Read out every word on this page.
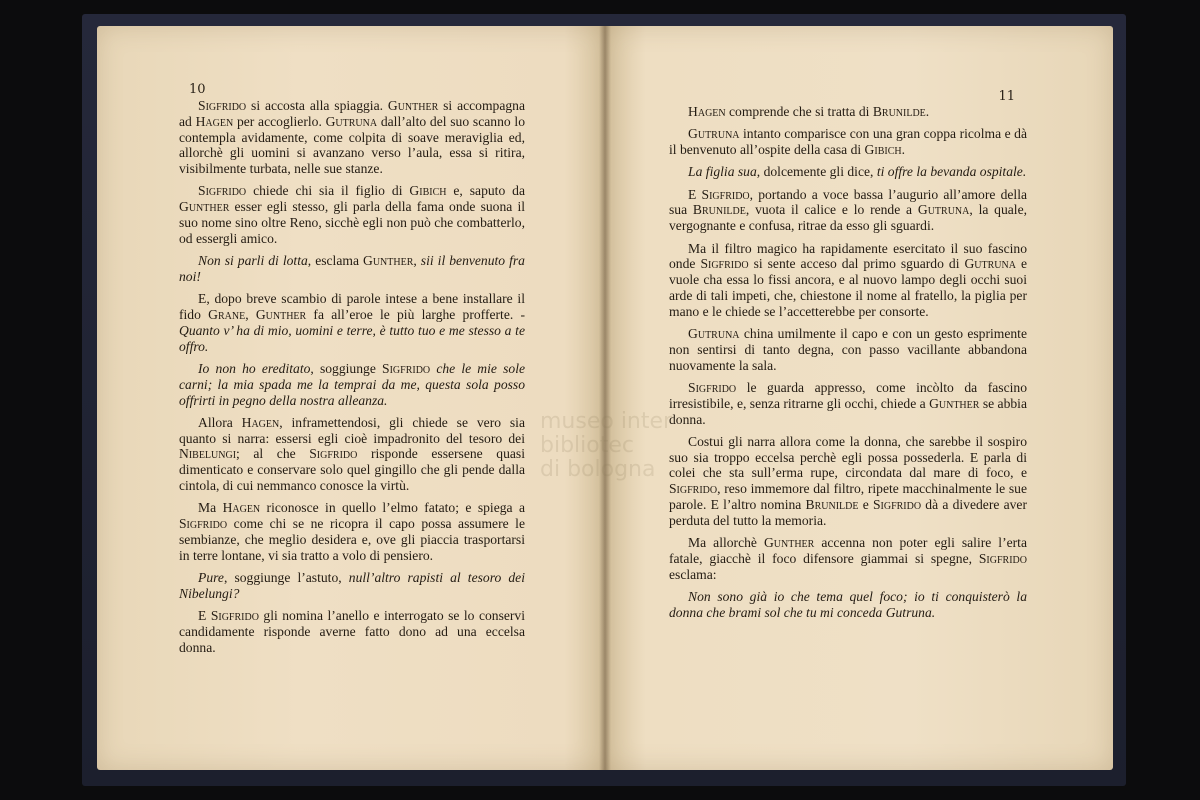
10

Sigfrido si accosta alla spiaggia. Gunther si accompagna ad Hagen per accoglierlo. Gutruna dall’alto del suo scanno lo contempla avidamente, come colpita di soave meraviglia ed, allorchè gli uomini si avanzano verso l’aula, essa si ritira, visibilmente turbata, nelle sue stanze.

Sigfrido chiede chi sia il figlio di Gibich e, saputo da Gunther esser egli stesso, gli parla della fama onde suona il suo nome sino oltre Reno, sicchè egli non può che combatterlo, od essergli amico.

Non si parli di lotta, esclama Gunther, sii il benvenuto fra noi!

E, dopo breve scambio di parole intese a bene installare il fido Grane, Gunther fa all’eroe le più larghe profferte. - Quanto v’ ha di mio, uomini e terre, è tutto tuo e me stesso a te offro.

Io non ho ereditato, soggiunge Sigfrido che le mie sole carni; la mia spada me la temprai da me, questa sola posso offrirti in pegno della nostra alleanza.

Allora Hagen, inframettendosi, gli chiede se vero sia quanto si narra: essersi egli cioè impadronito del tesoro dei Nibelungi; al che Sigfrido risponde essersene quasi dimenticato e conservare solo quel gingillo che gli pende dalla cintola, di cui nemmanco conosce la virtù.

Ma Hagen riconosce in quello l’elmo fatato; e spiega a Sigfrido come chi se ne ricopra il capo possa assumere le sembianze, che meglio desidera e, ove gli piaccia trasportarsi in terre lontane, vi sia tratto a volo di pensiero.

Pure, soggiunge l’astuto, null’altro rapisti al tesoro dei Nibelungi?

E Sigfrido gli nomina l’anello e interrogato se lo conservi candidamente risponde averne fatto dono ad una eccelsa donna.

11

Hagen comprende che si tratta di Brunilde.

Gutruna intanto comparisce con una gran coppa ricolma e dà il benvenuto all’ospite della casa di Gibich.

La figlia sua, dolcemente gli dice, ti offre la bevanda ospitale.

E Sigfrido, portando a voce bassa l’augurio all’amore della sua Brunilde, vuota il calice e lo rende a Gutruna, la quale, vergognante e confusa, ritrae da esso gli sguardi.

Ma il filtro magico ha rapidamente esercitato il suo fascino onde Sigfrido si sente acceso dal primo sguardo di Gutruna e vuole cha essa lo fissi ancora, e al nuovo lampo degli occhi suoi arde di tali impeti, che, chiestone il nome al fratello, la piglia per mano e le chiede se l’accetterebbe per consorte.

Gutruna china umilmente il capo e con un gesto esprimente non sentirsi di tanto degna, con passo vacillante abbandona nuovamente la sala.

Sigfrido le guarda appresso, come incòlto da fascino irresistibile, e, senza ritrarne gli occhi, chiede a Gunther se abbia donna.

Costui gli narra allora come la donna, che sarebbe il sospiro suo sia troppo eccelsa perchè egli possa possederla. E parla di colei che sta sull’erma rupe, circondata dal mare di foco, e Sigfrido, reso immemore dal filtro, ripete macchinalmente le sue parole. E l’altro nomina Brunilde e Sigfrido dà a divedere aver perduta del tutto la memoria.

Ma allorchè Gunther accenna non poter egli salire l’erta fatale, giacchè il foco difensore giammai si spegne, Sigfrido esclama:

Non sono già io che tema quel foco; io ti conquisterò la donna che brami sol che tu mi conceda Gutruna.
